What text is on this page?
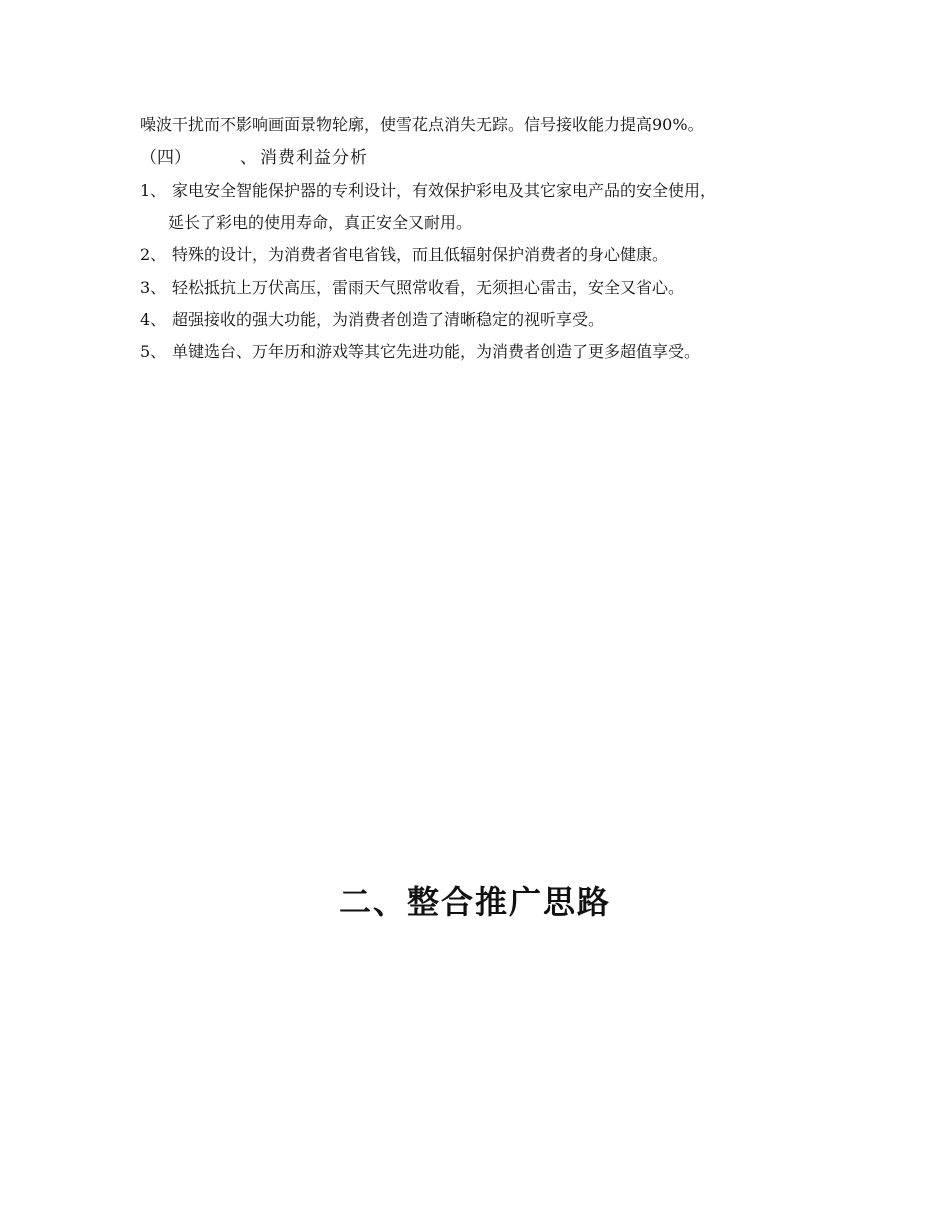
噪波干扰而不影响画面景物轮廓，使雪花点消失无踪。信号接收能力提高90%。
（四）	、 消费利益分析
1、 家电安全智能保护器的专利设计，有效保护彩电及其它家电产品的安全使用，
延长了彩电的使用寿命，真正安全又耐用。
2、 特殊的设计，为消费者省电省钱，而且低辐射保护消费者的身心健康。
3、 轻松抵抗上万伏高压，雷雨天气照常收看，无须担心雷击，安全又省心。
4、 超强接收的强大功能，为消费者创造了清晰稳定的视听享受。
5、 单键选台、万年历和游戏等其它先进功能，为消费者创造了更多超值享受。
二、整合推广思路
